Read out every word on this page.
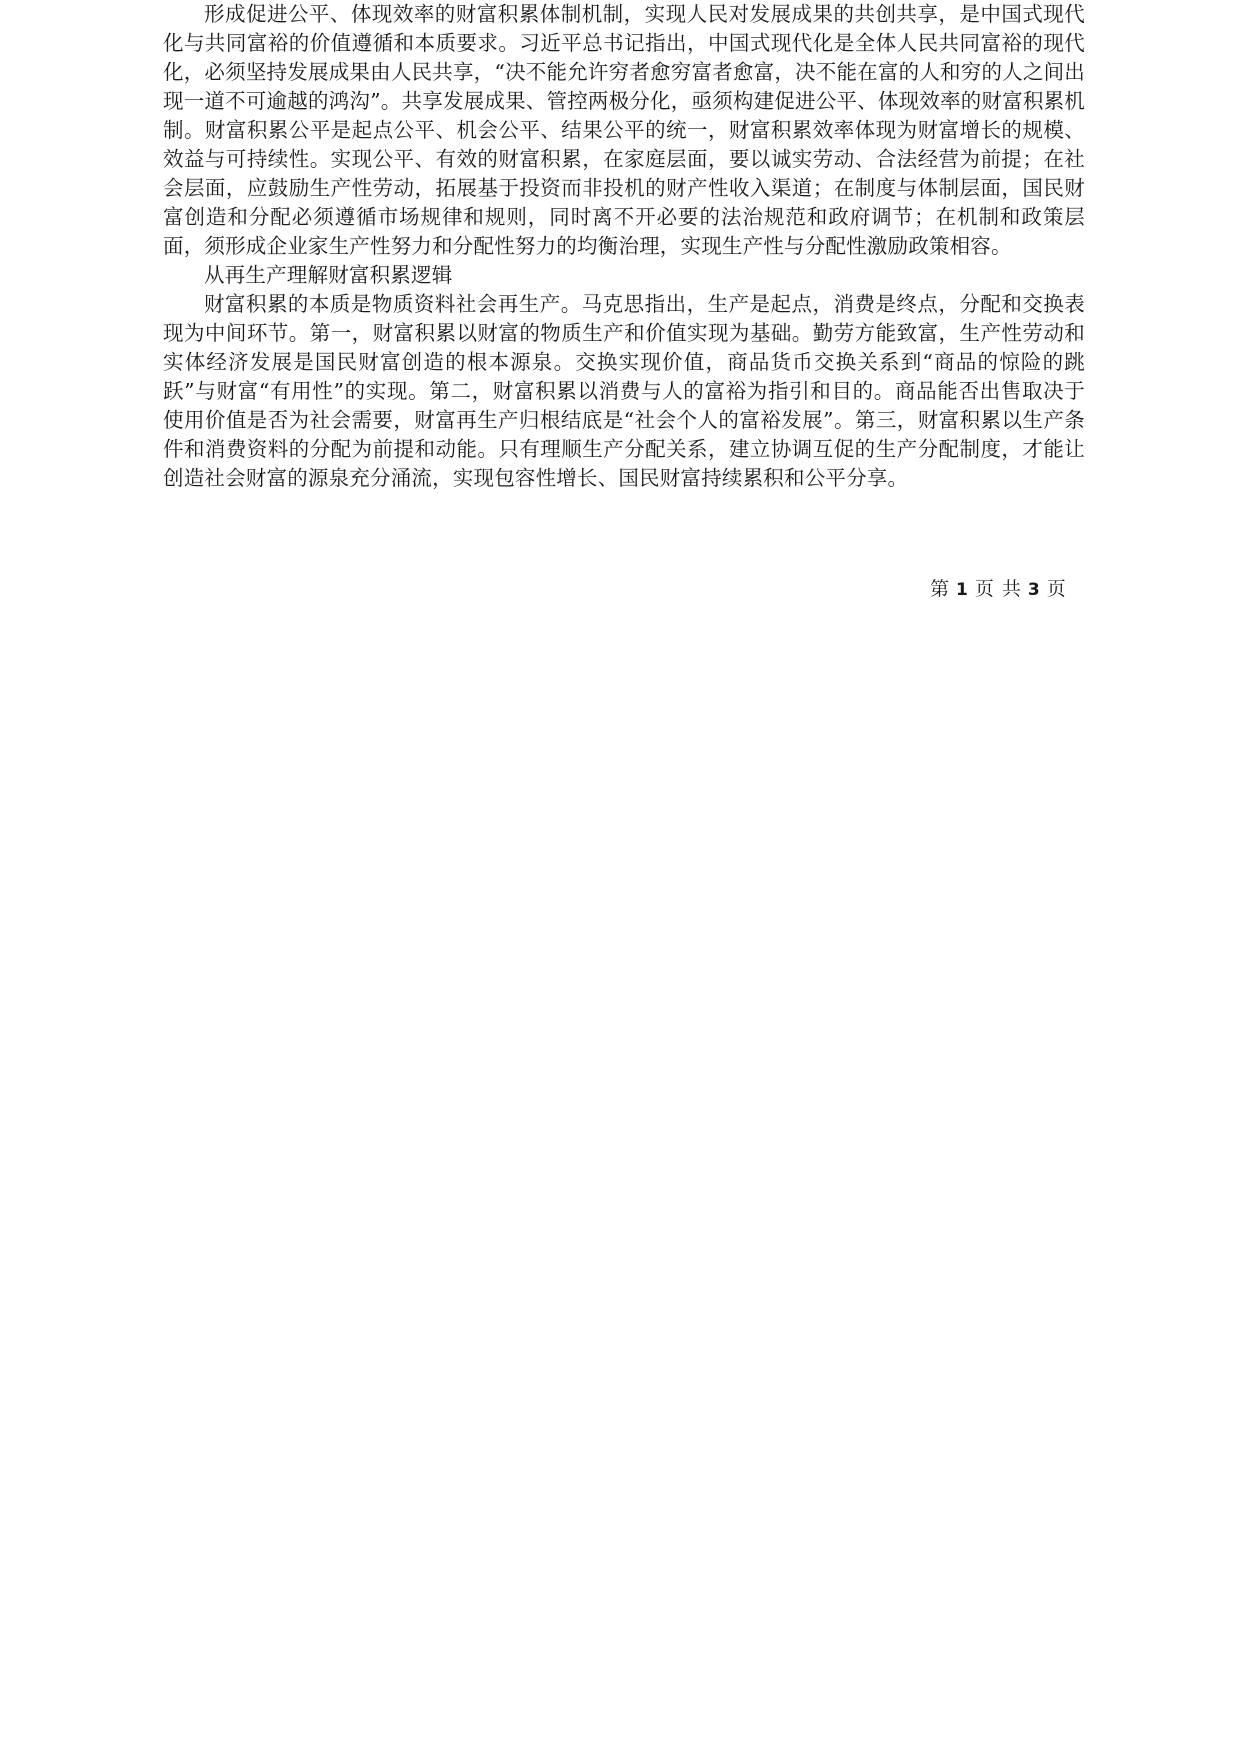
形成促进公平、体现效率的财富积累体制机制，实现人民对发展成果的共创共享，是中国式现代化与共同富裕的价值遵循和本质要求。习近平总书记指出，中国式现代化是全体人民共同富裕的现代化，必须坚持发展成果由人民共享，“决不能允许穷者愈穷富者愈富，决不能在富的人和穷的人之间出现一道不可逾越的鸿沟”。共享发展成果、管控两极分化，亟须构建促进公平、体现效率的财富积累机制。财富积累公平是起点公平、机会公平、结果公平的统一，财富积累效率体现为财富增长的规模、效益与可持续性。实现公平、有效的财富积累，在家庭层面，要以诚实劳动、合法经营为前提；在社会层面，应鼓励生产性劳动，拓展基于投资而非投机的财产性收入渠道；在制度与体制层面，国民财富创造和分配必须遵循市场规律和规则，同时离不开必要的法治规范和政府调节；在机制和政策层面，须形成企业家生产性努力和分配性努力的均衡治理，实现生产性与分配性激励政策相容。

从再生产理解财富积累逻辑

财富积累的本质是物质资料社会再生产。马克思指出，生产是起点，消费是终点，分配和交换表现为中间环节。第一，财富积累以财富的物质生产和价值实现为基础。勤劳方能致富，生产性劳动和实体经济发展是国民财富创造的根本源泉。交换实现价值，商品货币交换关系到“商品的惊险的跳跃”与财富“有用性”的实现。第二，财富积累以消费与人的富裕为指引和目的。商品能否出售取决于使用价值是否为社会需要，财富再生产归根结底是“社会个人的富裕发展”。第三，财富积累以生产条件和消费资料的分配为前提和动能。只有理顺生产分配关系，建立协调互促的生产分配制度，才能让创造社会财富的源泉充分涌流，实现包容性增长、国民财富持续累积和公平分享。

第 1 页 共 3 页
